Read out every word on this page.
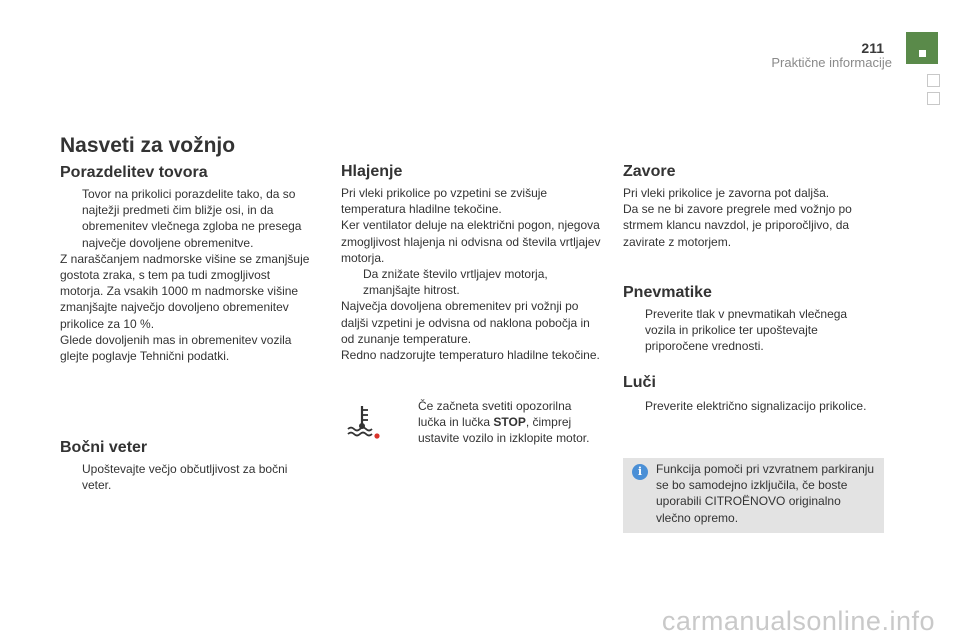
211
Praktične informacije
Nasveti za vožnjo
Porazdelitev tovora
Tovor na prikolici porazdelite tako, da so najtežji predmeti čim bližje osi, in da obremenitev vlečnega zgloba ne presega največje dovoljene obremenitve.

Z naraščanjem nadmorske višine se zmanjšuje gostota zraka, s tem pa tudi zmogljivost motorja. Za vsakih 1000 m nadmorske višine zmanjšajte največjo dovoljeno obremenitev prikolice za 10 %.

Glede dovoljenih mas in obremenitev vozila glejte poglavje Tehnični podatki.

Bočni veter
Upoštevajte večjo občutljivost za bočni veter.
Hlajenje

Pri vleki prikolice po vzpetini se zvišuje temperatura hladilne tekočine.

Ker ventilator deluje na električni pogon, njegova zmogljivost hlajenja ni odvisna od števila vrtljajev motorja.

Da znižate število vrtljajev motorja, zmanjšajte hitrost.

Največja dovoljena obremenitev pri vožnji po daljši vzpetini je odvisna od naklona pobočja in od zunanje temperature.

Redno nadzorujte temperaturo hladilne tekočine.

Če začneta svetiti opozorilna lučka in lučka STOP, čimprej ustavite vozilo in izklopite motor.
Zavore

Pri vleki prikolice je zavorna pot daljša.

Da se ne bi zavore pregrele med vožnjo po strmem klancu navzdol, je priporočljivo, da zavirate z motorjem.

Pnevmatike
Preverite tlak v pnevmatikah vlečnega vozila in prikolice ter upoštevajte priporočene vrednosti.
Luči
Preverite električno signalizacijo prikolice.
i	Funkcija pomoči pri vzvratnem parkiranju se bo samodejno izključila, če boste uporabili CITROËNOVO originalno vlečno opremo.
carmanualsonline.info
